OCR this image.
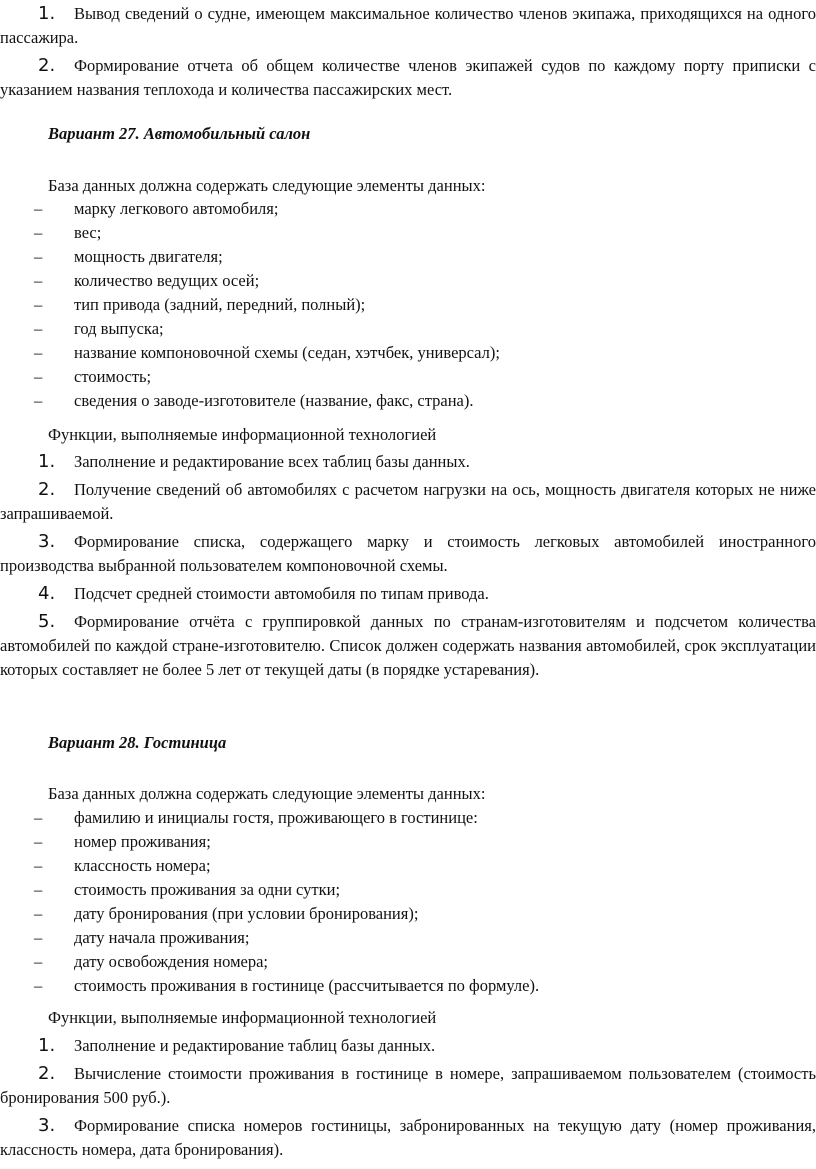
1. Вывод сведений о судне, имеющем максимальное количество членов экипажа, приходящихся на одного пассажира.

2. Формирование отчета об общем количестве членов экипажей судов по каждому порту приписки с указанием названия теплохода и количества пассажирских мест.

Вариант 27. Автомобильный салон

База данных должна содержать следующие элементы данных:

– марку легкового автомобиля;
– вес;
– мощность двигателя;
– количество ведущих осей;
– тип привода (задний, передний, полный);
– год выпуска;
– название компоновочной схемы (седан, хэтчбек, универсал);
– стоимость;
– сведения о заводе-изготовителе (название, факс, страна).

Функции, выполняемые информационной технологией

1. Заполнение и редактирование всех таблиц базы данных.

2. Получение сведений об автомобилях с расчетом нагрузки на ось, мощность двигателя которых не ниже запрашиваемой.

3. Формирование списка, содержащего марку и стоимость легковых автомобилей иностранного производства выбранной пользователем компоновочной схемы.

4. Подсчет средней стоимости автомобиля по типам привода.

5. Формирование отчёта с группировкой данных по странам-изготовителям и подсчетом количества автомобилей по каждой стране-изготовителю. Список должен содержать названия автомобилей, срок эксплуатации которых составляет не более 5 лет от текущей даты (в порядке устаревания).

Вариант 28. Гостиница

База данных должна содержать следующие элементы данных:

– фамилию и инициалы гостя, проживающего в гостинице:
– номер проживания;
– классность номера;
– стоимость проживания за одни сутки;
– дату бронирования (при условии бронирования);
– дату начала проживания;
– дату освобождения номера;
– стоимость проживания в гостинице (рассчитывается по формуле).

Функции, выполняемые информационной технологией

1. Заполнение и редактирование таблиц базы данных.

2. Вычисление стоимости проживания в гостинице в номере, запрашиваемом пользователем (стоимость бронирования 500 руб.).

3. Формирование списка номеров гостиницы, забронированных на текущую дату (номер проживания, классность номера, дата бронирования).
